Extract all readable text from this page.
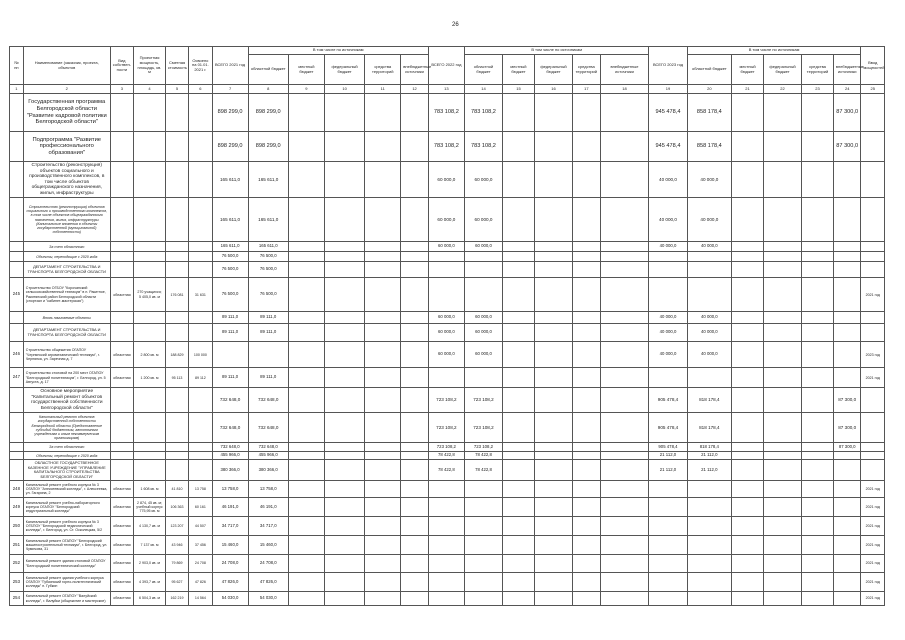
26
№ пп	Наименование (заказчик, проекта, объектов	Вид собствен-ности	Проектная мощность, площадь, кв. м	Сметная стоимость	Освоено на 01.01. 2021 г.	ВСЕГО 2021 год	В том числе по источникам					ВСЕГО 2022 год	В том числе по источникам					ВСЕГО 2023 год	В том числе по источникам					Ввод мощностей
							областной бюджет	местный бюджет	федеральный бюджет	средства территорий	внебюджетные источники		областной бюджет	местный бюджет	федеральный бюджет	средства территорий	внебюджетные источники		областной бюджет	местный бюджет	федеральный бюджет	средства территорий	внебюджетные источники	
1	2	3	4	5	6	7	8	9	10	11	12	13	14	15	16	17	18	19	20	21	22	23	24	25
	Государственная программа Белгородской области "Развитие кадровой политики Белгородской области"					898 299,0	898 299,0					783 108,2	783 108,2					945 478,4	858 178,4				87 300,0	
	Подпрограмма "Развитие профессионального образования"					898 299,0	898 299,0					783 108,2	783 108,2					945 478,4	858 178,4				87 300,0	
	Строительство (реконструкция) объектов социального и производственного комплексов, в том числе объектов общегражданского назначения, жилья, инфраструктуры					165 611,0	165 611,0					60 000,0	60 000,0					40 000,0	40 000,0					
	Строительство (реконструкция) объектов социального и производственного комплексов, в том числе объектов общегражданского назначения, жилья, инфраструктуры (Капитальные вложения в объекты государственной (муниципальной) собственности)					165 611,0	165 611,0					60 000,0	60 000,0					40 000,0	40 000,0					
	За счет областного					165 611,0	165 611,0					60 000,0	60 000,0					40 000,0	40 000,0					
	Объекты, переходящие с 2020 года					76 500,0	76 500,0																	
	ДЕПАРТАМЕНТ СТРОИТЕЛЬСТВА И ТРАНСПОРТА БЕЛГОРОДСКОЙ ОБЛАСТИ					76 500,0	76 500,0																	
245	Строительство ОГБОУ "Корочанский сельскохозяйственный техникум" в п. Ракитное, Ракитянский район Белгородской области (спортзал и "кабинет-мастерская")	областная	270 учащихся; 5 405,0 кв. м	176 081	31 631	76 500,0	76 500,0																	2021 год
	Вновь начинаемые объекты					89 111,0	89 111,0					60 000,0	60 000,0					40 000,0	40 000,0					
	ДЕПАРТАМЕНТ СТРОИТЕЛЬСТВА И ТРАНСПОРТА БЕЛГОРОДСКОЙ ОБЛАСТИ					89 111,0	89 111,0					60 000,0	60 000,0					40 000,0	40 000,0					
246	Строительство общежития ОГАПОУ "Чернянский агромеханический техникум", г. Чернянка, ул. Заречная д. 7	областная	2 800 кв. м	188 829	100 000							60 000,0	60 000,0					40 000,0	40 000,0					2023 год
247	Строительство столовой на 200 мест ОГАПОУ "Белгородский политехникум", г. Белгород, ул. 5 Августа, д. 17	областная	1 200 кв. м	95 113	89 112	89 111,0	89 111,0																	2021 год
	Основное мероприятие "Капитальный ремонт объектов государственной собственности Белгородской области"					732 648,0	732 648,0					723 108,2	723 108,2					905 478,4	818 178,4				87 300,0	
	Капитальный ремонт объектов государственной собственности Белгородской области (Предоставление субсидий бюджетным, автономным учреждениям и иным некоммерческим организациям)					732 648,0	732 648,0					723 108,2	723 108,2					905 478,4	818 178,4				87 300,0	
	За счет областного					732 648,0	732 648,0					723 108,2	723 108,2					905 478,4	818 178,4				87 300,0	
	Объекты, переходящие с 2020 года					455 966,0	455 966,0					78 422,8	78 422,8					21 112,0	21 112,0					
	ОБЛАСТНОЕ ГОСУДАРСТВЕННОЕ КАЗЕННОЕ УЧРЕЖДЕНИЕ "УПРАВЛЕНИЕ КАПИТАЛЬНОГО СТРОИТЕЛЬСТВА БЕЛГОРОДСКОЙ ОБЛАСТИ"					380 366,0	380 366,0					78 422,8	78 422,8					21 112,0	21 112,0					
248	Капитальный ремонт учебного корпуса № 3 ОГАПОУ "Алексеевский колледж", г. Алексеевка, ул. Гагарина, 2	областная	1 608 кв. м	41 810	13 758	13 758,0	13 758,0																	2021 год
249	Капитальный ремонт учебно-лабораторного корпуса ОГАПОУ "Белгородский индустриальный колледж"	областная	2 874, 45 кв. м; учебный корпус 775,95 кв. м	106 363	60 161	46 191,0	46 191,0																	2021 год
250	Капитальный ремонт учебного корпуса № 3 ОГБПОУ "Белгородский педагогический колледж", г. Белгород, ул. Ст. Осколецкая, 5/2	областная	4 130,7 кв. м	123 207	44 507	34 717,0	34 717,0																	2021 год
251	Капитальный ремонт ОГАПОУ "Белгородский машиностроительный техникум", г. Белгород, ул. Чумичова, 31	областная	7 137 кв. м	43 946	37 456	15 460,0	15 460,0																	2021 год
252	Капитальный ремонт здания столовой ОГАПОУ "Белгородский политехнический колледж"	областная	2 903,0 кв. м	79 869	24 708	24 708,0	24 708,0																	2021 год
253	Капитальный ремонт здания учебного корпуса ОГАПОУ "Губкинский горно-политехнический колледж" п. Губкин	областная	4 393,7 кв. м	95 627	47 826	47 826,0	47 826,0																	2021 год
254	Капитальный ремонт ОГАПОУ "Валуйский колледж", г. Валуйки (общежитие и мастерские)	областная	6 504,3 кв. м	162 219	14 564	54 030,0	54 030,0																	2021 год
